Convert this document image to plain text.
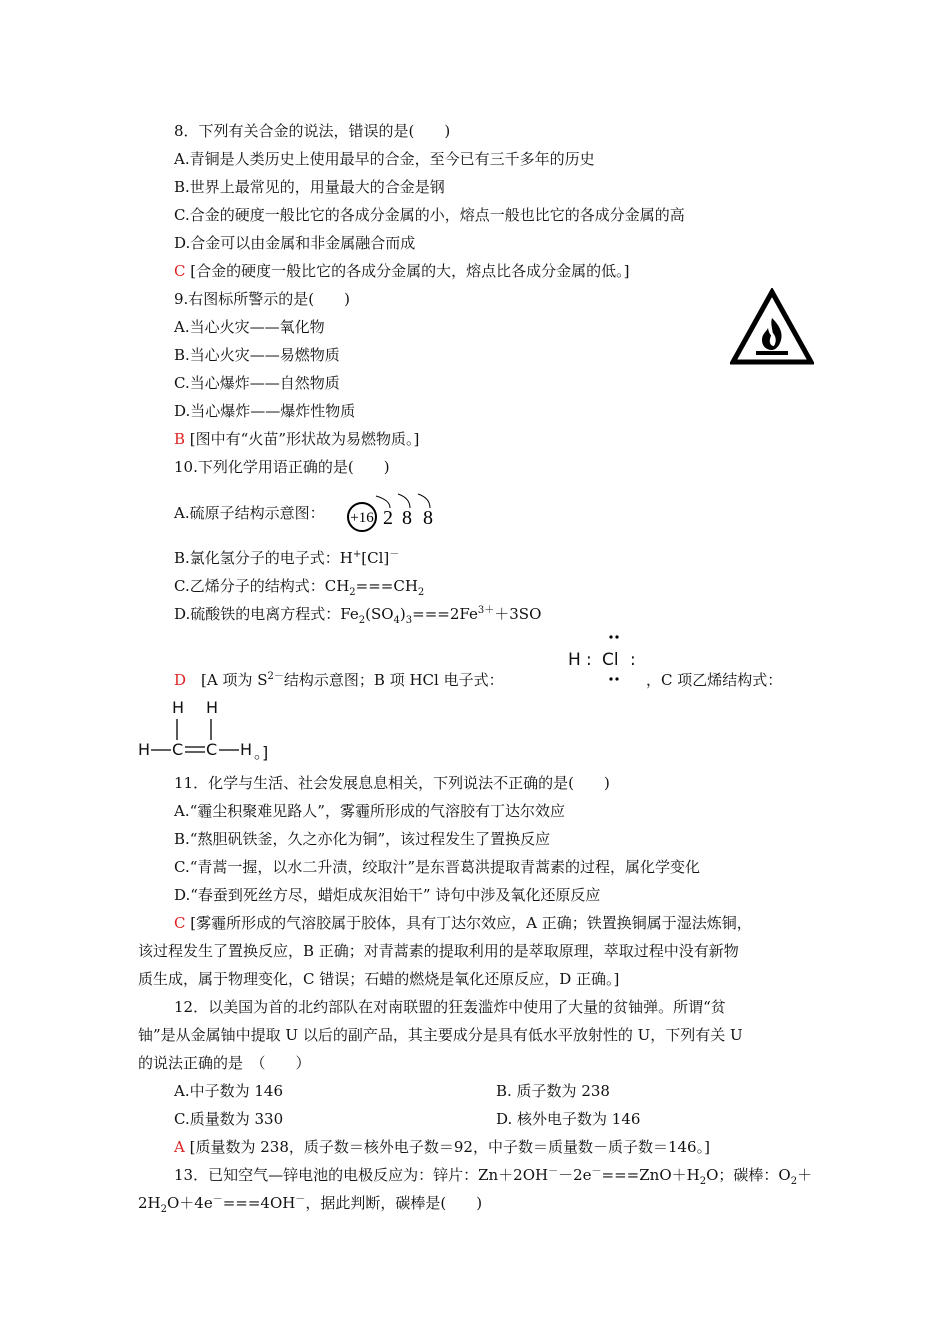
8．下列有关合金的说法，错误的是(　　)
A.青铜是人类历史上使用最早的合金，至今已有三千多年的历史
B.世界上最常见的，用量最大的合金是钢
C.合金的硬度一般比它的各成分金属的小，熔点一般也比它的各成分金属的高
D.合金可以由金属和非金属融合而成
C [合金的硬度一般比它的各成分金属的大，熔点比各成分金属的低。]
9.右图标所警示的是(　　)
A.当心火灾——氧化物
B.当心火灾——易燃物质
C.当心爆炸——自然物质
D.当心爆炸——爆炸性物质
B [图中有“火苗”形状故为易燃物质。]
10.下列化学用语正确的是(　　)
A.硫原子结构示意图： +16 2 8 8
B.氯化氢分子的电子式：H+[Cl]－
C.乙烯分子的结构式：$CH_2===CH_2$
D.硫酸铁的电离方程式：$Fe_2(SO_4)_3===2Fe^{3+}+3SO$
D　[A 项为 $S^{2-}$结构示意图；B 项 HCl 电子式：	，C 项乙烯结构式：
H : Cl :
H H
H C C H 。]
11．化学与生活、社会发展息息相关，下列说法不正确的是(　　)
A.“霾尘积聚难见路人”，雾霾所形成的气溶胶有丁达尔效应
B.“熬胆矾铁釜，久之亦化为铜”，该过程发生了置换反应
C.“青蒿一握，以水二升渍，绞取汁”是东晋葛洪提取青蒿素的过程，属化学变化
D.“春蚕到死丝方尽，蜡炬成灰泪始干” 诗句中涉及氧化还原反应
C [雾霾所形成的气溶胶属于胶体，具有丁达尔效应，A 正确；铁置换铜属于湿法炼铜，
该过程发生了置换反应，B 正确；对青蒿素的提取利用的是萃取原理，萃取过程中没有新物
质生成，属于物理变化，C 错误；石蜡的燃烧是氧化还原反应，D 正确。]
12．以美国为首的北约部队在对南联盟的狂轰滥炸中使用了大量的贫铀弹。所谓“贫
铀”是从金属铀中提取 U 以后的副产品，其主要成分是具有低水平放射性的 U，下列有关 U
的说法正确的是　（　　）
A.中子数为 146	B. 质子数为 238
C.质量数为 330	D. 核外电子数为 146
A [质量数为 238，质子数＝核外电子数＝92，中子数＝质量数－质子数＝146。]
13．已知空气—锌电池的电极反应为：锌片：$Zn+2OH^--2e^-===ZnO+H_2O$；碳棒：$O_2+$
$2H_2O+4e^-===4OH^-$，据此判断，碳棒是(　　)
